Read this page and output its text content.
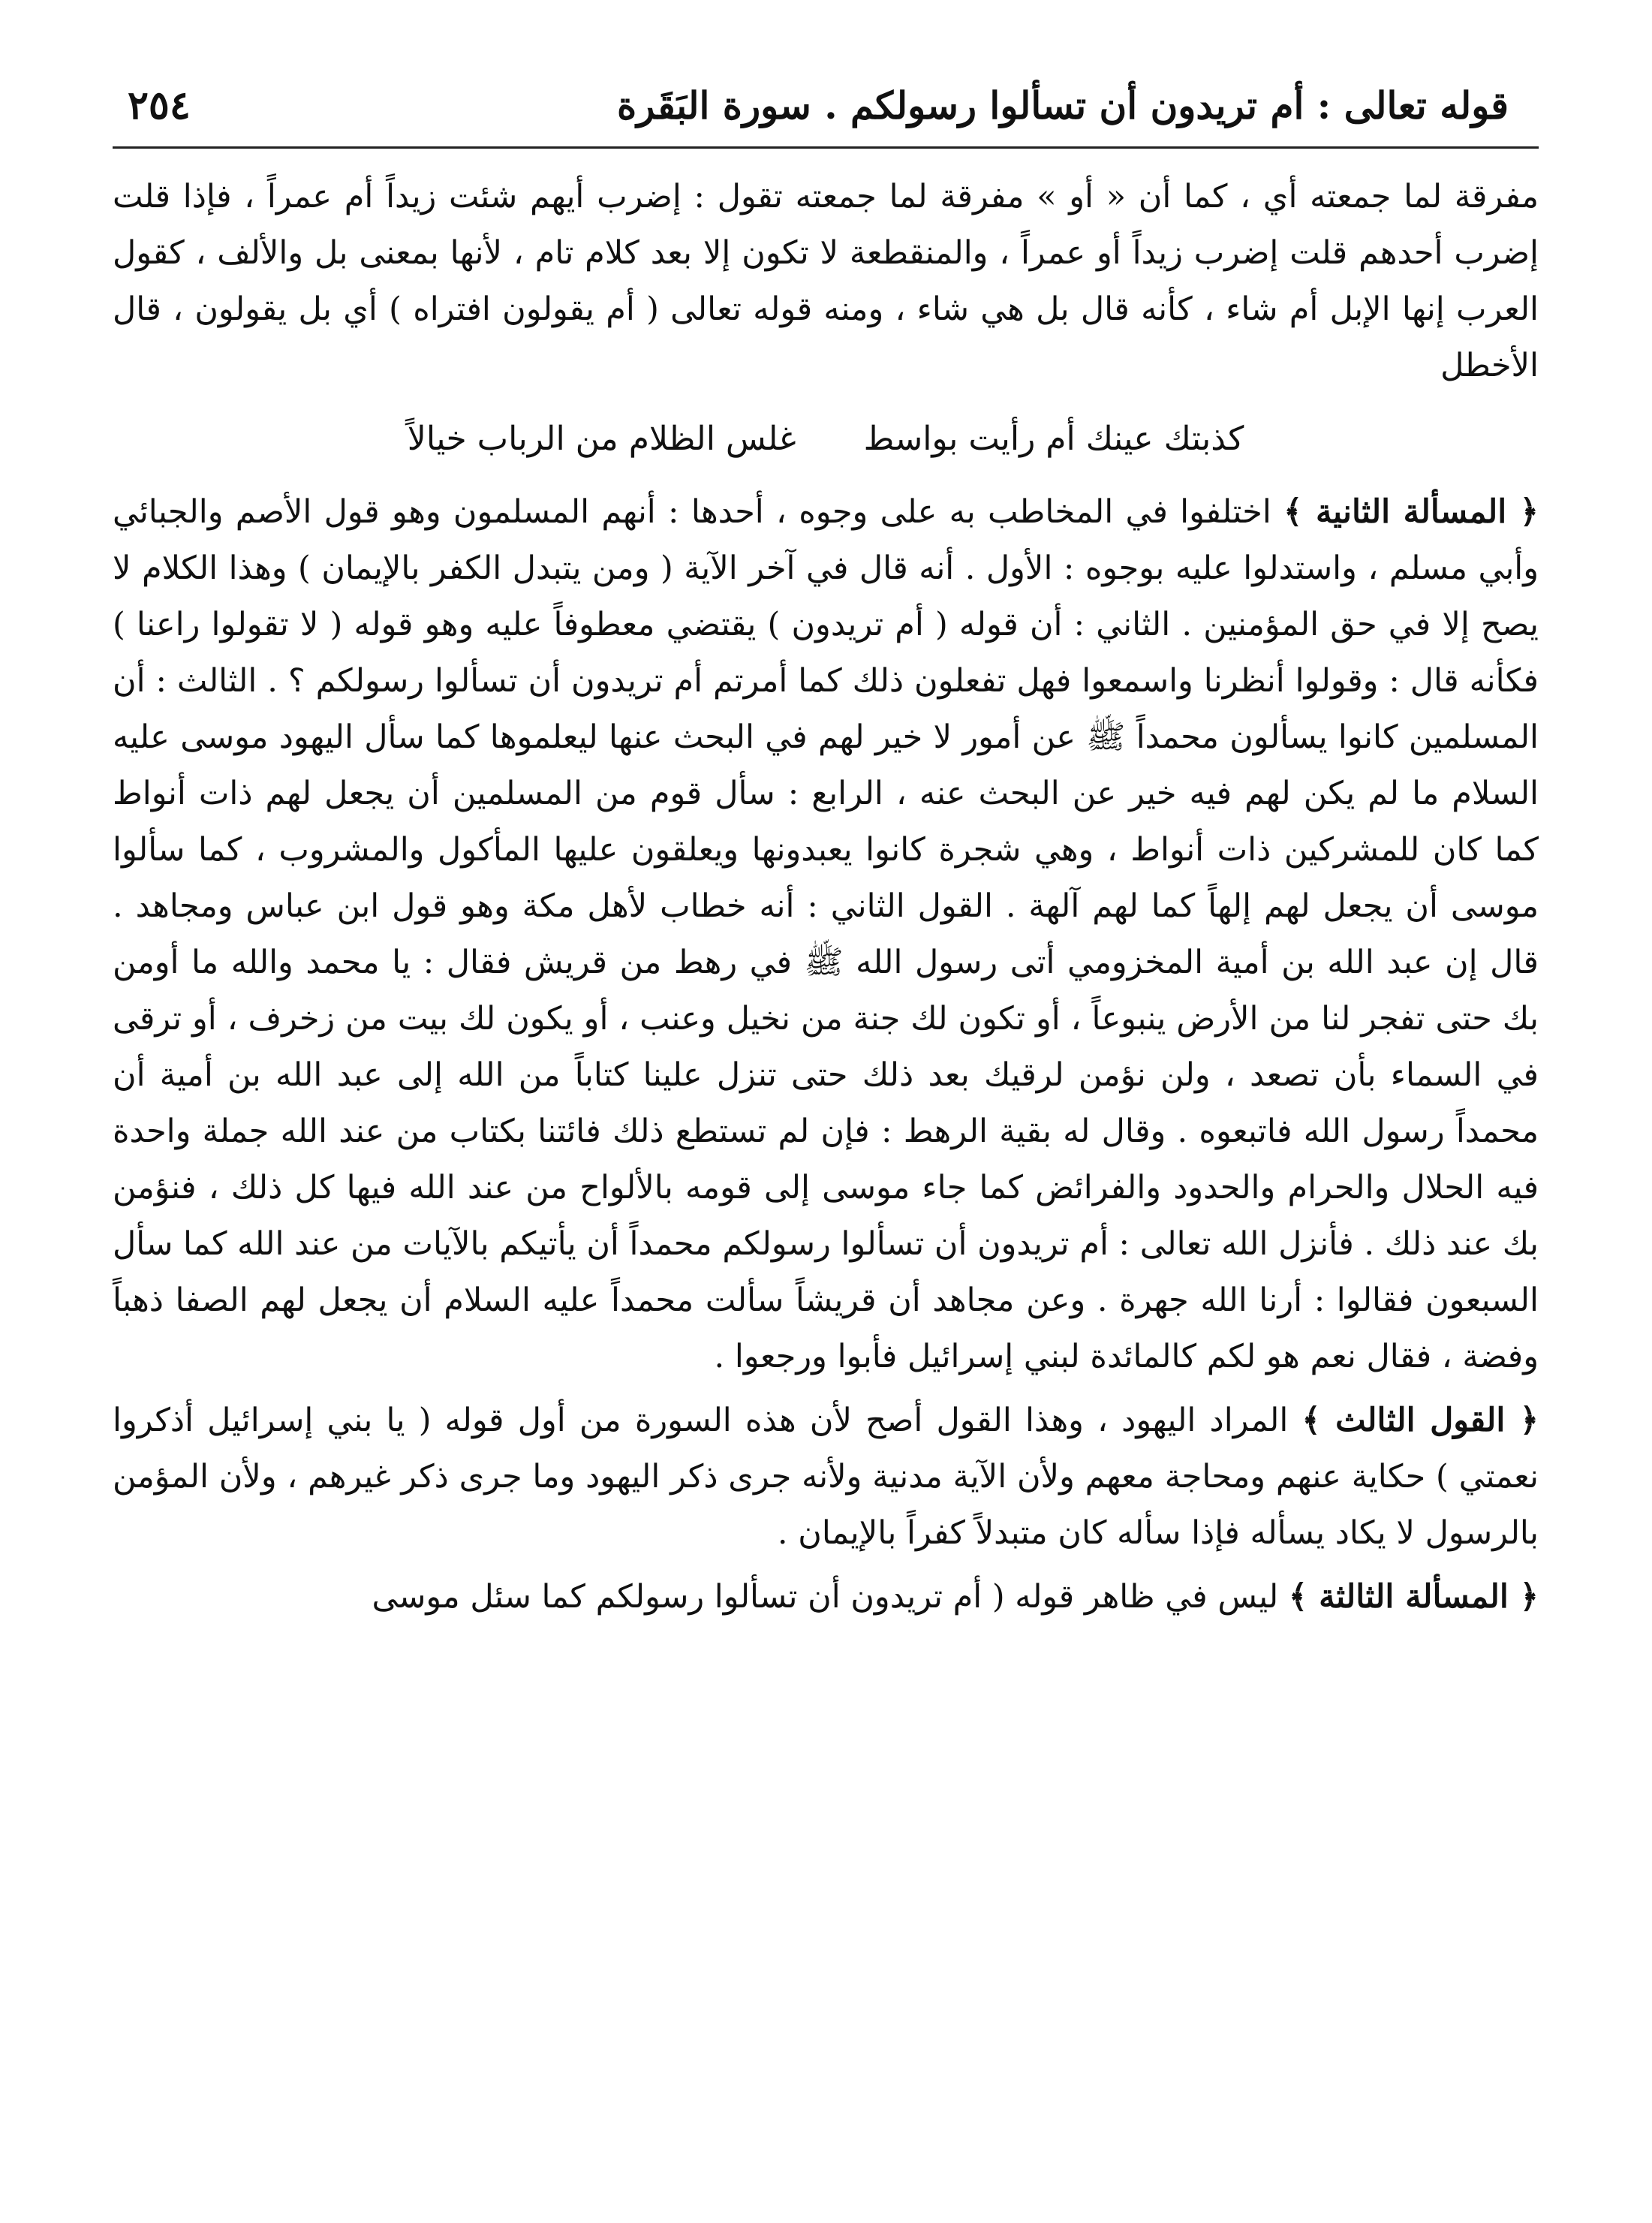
قوله تعالى : أم تريدون أن تسألوا رسولكم . سورة البَقَرة
٢٥٤

مفرقة لما جمعته أي ، كما أن « أو » مفرقة لما جمعته تقول : إضرب أيهم شئت زيداً أم عمراً ، فإذا قلت إضرب أحدهم قلت إضرب زيداً أو عمراً ، والمنقطعة لا تكون إلا بعد كلام تام ، لأنها بمعنى بل والألف ، كقول العرب إنها الإبل أم شاء ، كأنه قال بل هي شاء ، ومنه قوله تعالى ( أم يقولون افتراه ) أي بل يقولون ، قال الأخطل

كذبتك عينك أم رأيت بواسط
غلس الظلام من الرباب خيالاً

﴿ المسألة الثانية ﴾ اختلفوا في المخاطب به على وجوه ، أحدها : أنهم المسلمون وهو قول الأصم والجبائي وأبي مسلم ، واستدلوا عليه بوجوه : الأول . أنه قال في آخر الآية ( ومن يتبدل الكفر بالإيمان ) وهذا الكلام لا يصح إلا في حق المؤمنين . الثاني : أن قوله ( أم تريدون ) يقتضي معطوفاً عليه وهو قوله ( لا تقولوا راعنا ) فكأنه قال : وقولوا أنظرنا واسمعوا فهل تفعلون ذلك كما أمرتم أم تريدون أن تسألوا رسولكم ؟ . الثالث : أن المسلمين كانوا يسألون محمداً ﷺ عن أمور لا خير لهم في البحث عنها ليعلموها كما سأل اليهود موسى عليه السلام ما لم يكن لهم فيه خير عن البحث عنه ، الرابع : سأل قوم من المسلمين أن يجعل لهم ذات أنواط كما كان للمشركين ذات أنواط ، وهي شجرة كانوا يعبدونها ويعلقون عليها المأكول والمشروب ، كما سألوا موسى أن يجعل لهم إلهاً كما لهم آلهة . القول الثاني : أنه خطاب لأهل مكة وهو قول ابن عباس ومجاهد . قال إن عبد الله بن أمية المخزومي أتى رسول الله ﷺ في رهط من قريش فقال : يا محمد والله ما أومن بك حتى تفجر لنا من الأرض ينبوعاً ، أو تكون لك جنة من نخيل وعنب ، أو يكون لك بيت من زخرف ، أو ترقى في السماء بأن تصعد ، ولن نؤمن لرقيك بعد ذلك حتى تنزل علينا كتاباً من الله إلى عبد الله بن أمية أن محمداً رسول الله فاتبعوه . وقال له بقية الرهط : فإن لم تستطع ذلك فائتنا بكتاب من عند الله جملة واحدة فيه الحلال والحرام والحدود والفرائض كما جاء موسى إلى قومه بالألواح من عند الله فيها كل ذلك ، فنؤمن بك عند ذلك . فأنزل الله تعالى : أم تريدون أن تسألوا رسولكم محمداً أن يأتيكم بالآيات من عند الله كما سأل السبعون فقالوا : أرنا الله جهرة . وعن مجاهد أن قريشاً سألت محمداً عليه السلام أن يجعل لهم الصفا ذهباً وفضة ، فقال نعم هو لكم كالمائدة لبني إسرائيل فأبوا ورجعوا .

﴿ القول الثالث ﴾ المراد اليهود ، وهذا القول أصح لأن هذه السورة من أول قوله ( يا بني إسرائيل أذكروا نعمتي ) حكاية عنهم ومحاجة معهم ولأن الآية مدنية ولأنه جرى ذكر اليهود وما جرى ذكر غيرهم ، ولأن المؤمن بالرسول لا يكاد يسأله فإذا سأله كان متبدلاً كفراً بالإيمان .

﴿ المسألة الثالثة ﴾ ليس في ظاهر قوله ( أم تريدون أن تسألوا رسولكم كما سئل موسى
